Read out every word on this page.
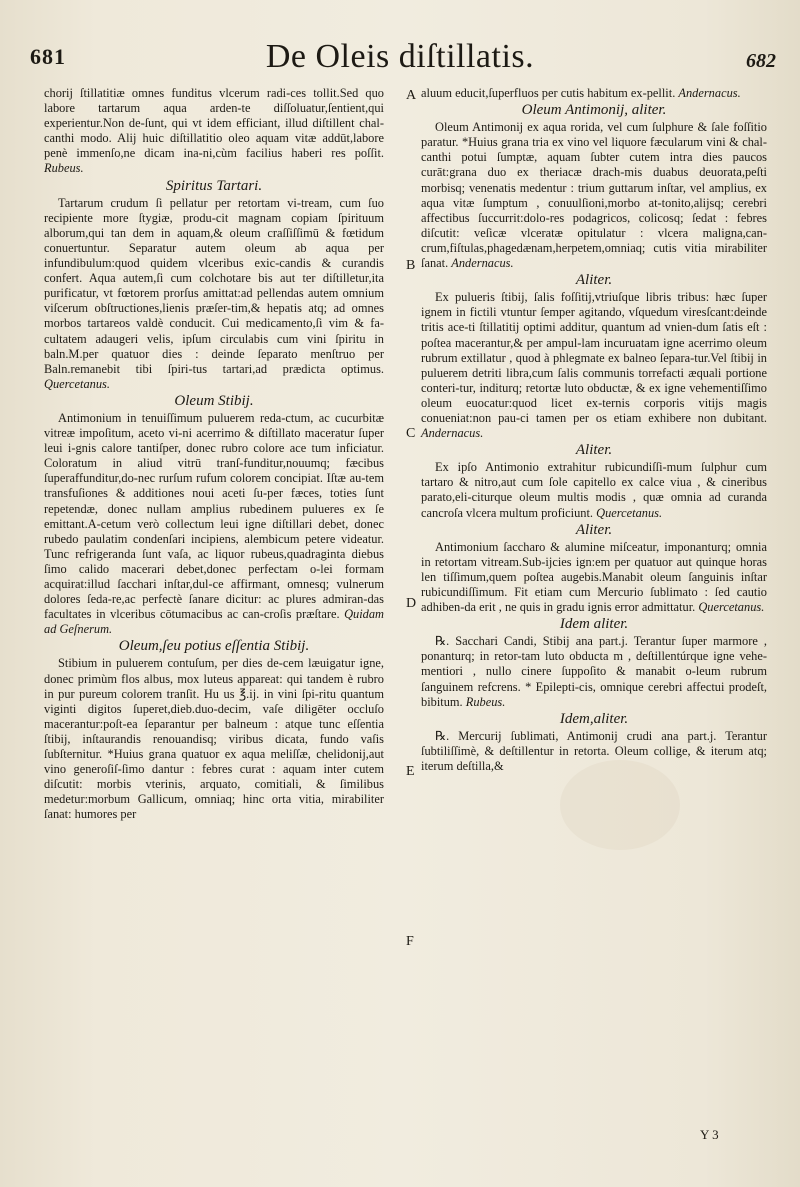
681	De Oleis diſtillatis.	682

chorij ſtillatitiæ omnes funditus vlcerum radi-ces tollit.Sed quo labore tartarum aqua arden-te diſſoluatur,ſentient,qui experientur.Non de-ſunt, qui vt idem efficiant, illud diſtillent chal-canthi modo. Alij huic diſtillatitio oleo aquam vitæ addūt,labore penè immenſo,ne dicam ina-ni,cùm facilius haberi res poſſit. Rubeus.

Spiritus Tartari.

Tartarum crudum ſi pellatur per retortam vi-tream, cum ſuo recipiente more ſtygiæ, produ-cit magnam copiam ſpirituum alborum,qui tan dem in aquam,& oleum craſſiſſimū & fœtidum conuertuntur. Separatur autem oleum ab aqua per infundibulum:quod quidem vlceribus exic-candis & curandis confert. Aqua autem,ſi cum colchotare bis aut ter diſtilletur,ita purificatur, vt fœtorem prorſus amittat:ad pellendas autem omnium viſcerum obſtructiones,lienis præſer-tim,& hepatis atq; ad omnes morbos tartareos valdè conducit. Cui medicamento,ſi vim & fa-cultatem adaugeri velis, ipſum circulabis cum vini ſpiritu in baln.M.per quatuor dies : deinde ſeparato menſtruo per Baln.remanebit tibi ſpiri-tus tartari,ad prædicta optimus. Quercetanus.

Oleum Stibij.

Antimonium in tenuiſſimum puluerem reda-ctum, ac cucurbitæ vitreæ impoſitum, aceto vi-ni acerrimo & diſtillato maceratur ſuper leui i-gnis calore tantiſper, donec rubro colore ace tum inficiatur. Coloratum in aliud vitrū tranſ-funditur,nouumq; fæcibus ſuperaffunditur,do-nec rurſum rufum colorem concipiat. Iſtæ au-tem transfuſiones & additiones noui aceti ſu-per fæces, toties ſunt repetendæ, donec nullam amplius rubedinem pulueres ex ſe emittant.A-cetum verò collectum leui igne diſtillari debet, donec rubedo paulatim condenſari incipiens, alembicum petere videatur. Tunc refrigeranda ſunt vaſa, ac liquor rubeus,quadraginta diebus ſimo calido macerari debet,donec perfectam o-lei formam acquirat:illud ſacchari inſtar,dul-ce affirmant, omnesq; vulnerum dolores ſeda-re,ac perfectè ſanare dicitur: ac plures admiran-das facultates in vlceribus cōtumacibus ac can-croſis præſtare. Quidam ad Geſnerum.

Oleum,ſeu potius eſſentia Stibij.

Stibium in puluerem contuſum, per dies de-cem læuigatur igne, donec primùm flos albus, mox luteus appareat: qui tandem è rubro in pur pureum colorem tranſit. Hu us ℥.ij. in vini ſpi-ritu quantum viginti digitos ſuperet,dieb.duo-decim, vaſe diligēter occluſo macerantur:poſt-ea ſeparantur per balneum : atque tunc eſſentia ſtibij, inſtaurandis renouandisq; viribus dicata, fundo vaſis ſubſternitur. *Huius grana quatuor ex aqua meliſſæ, chelidonij,aut vino generoſiſ-ſimo dantur : febres curat : aquam inter cutem diſcutit: morbis vterinis, arquato, comitiali, & ſimilibus medetur:morbum Gallicum, omniaq; hinc orta vitia, mirabiliter ſanat: humores per

aluum educit,ſuperfluos per cutis habitum ex-pellit. Andernacus.

Oleum Antimonij, aliter.

Oleum Antimonij ex aqua rorida, vel cum ſulphure & ſale foſſitio paratur. *Huius grana tria ex vino vel liquore fæcularum vini & chal-canthi potui ſumptæ, aquam ſubter cutem intra dies paucos curāt:grana duo ex theriacæ drach-mis duabus deuorata,peſti morbisq; venenatis medentur : trium guttarum inſtar, vel amplius, ex aqua vitæ ſumptum , conuulſioni,morbo at-tonito,alijsq; cerebri affectibus ſuccurrit:dolo-res podagricos, colicosq; ſedat : febres diſcutit: veſicæ vlceratæ opitulatur : vlcera maligna,can-crum,fiſtulas,phagedænam,herpetem,omniaq; cutis vitia mirabiliter ſanat. Andernacus.

Aliter.

Ex pulueris ſtibij, ſalis foſſitij,vtriuſque libris tribus: hæc ſuper ignem in fictili vtuntur ſemper agitando, vſquedum viresſcant:deinde tritis ace-ti ſtillatitij optimi additur, quantum ad vnien-dum ſatis eſt : poſtea macerantur,& per ampul-lam incuruatam igne acerrimo oleum rubrum extillatur , quod à phlegmate ex balneo ſepara-tur.Vel ſtibij in puluerem detriti libra,cum ſalis communis torrefacti æquali portione conteri-tur, inditurq; retortæ luto obductæ, & ex igne vehementiſſimo oleum euocatur:quod licet ex-ternis corporis vitijs magis conueniat:non pau-ci tamen per os etiam exhibere non dubitant. Andernacus.

Aliter.

Ex ipſo Antimonio extrahitur rubicundiſſi-mum ſulphur cum tartaro & nitro,aut cum ſole capitello ex calce viua , & cineribus parato,eli-citurque oleum multis modis , quæ omnia ad curanda cancroſa vlcera multum proficiunt. Quercetanus.

Aliter.

Antimonium ſaccharo & alumine miſceatur, imponanturq; omnia in retortam vitream.Sub-ijcies ign:em per quatuor aut quinque horas len tiſſimum,quem poſtea augebis.Manabit oleum ſanguinis inſtar rubicundiſſimum. Fit etiam cum Mercurio ſublimato : ſed cautio adhiben-da erit , ne quis in gradu ignis error admittatur. Quercetanus.

Idem aliter.

℞. Sacchari Candi, Stibij ana part.j. Terantur ſuper marmore , ponanturq; in retor-tam luto obducta m , deſtillentúrque igne vehe-mentiori , nullo cinere ſuppoſito & manabit o-leum rubrum ſanguinem refcrens. * Epilepti-cis, omnique cerebri affectui prodeſt, bibitum. Rubeus.

Idem,aliter.

℞. Mercurij ſublimati, Antimonij crudi ana part.j. Terantur ſubtiliſſimè, & deſtillentur in retorta. Oleum collige, & iterum atq; iterum deſtilla,&

A
B
C
D
E
F
Y 3
